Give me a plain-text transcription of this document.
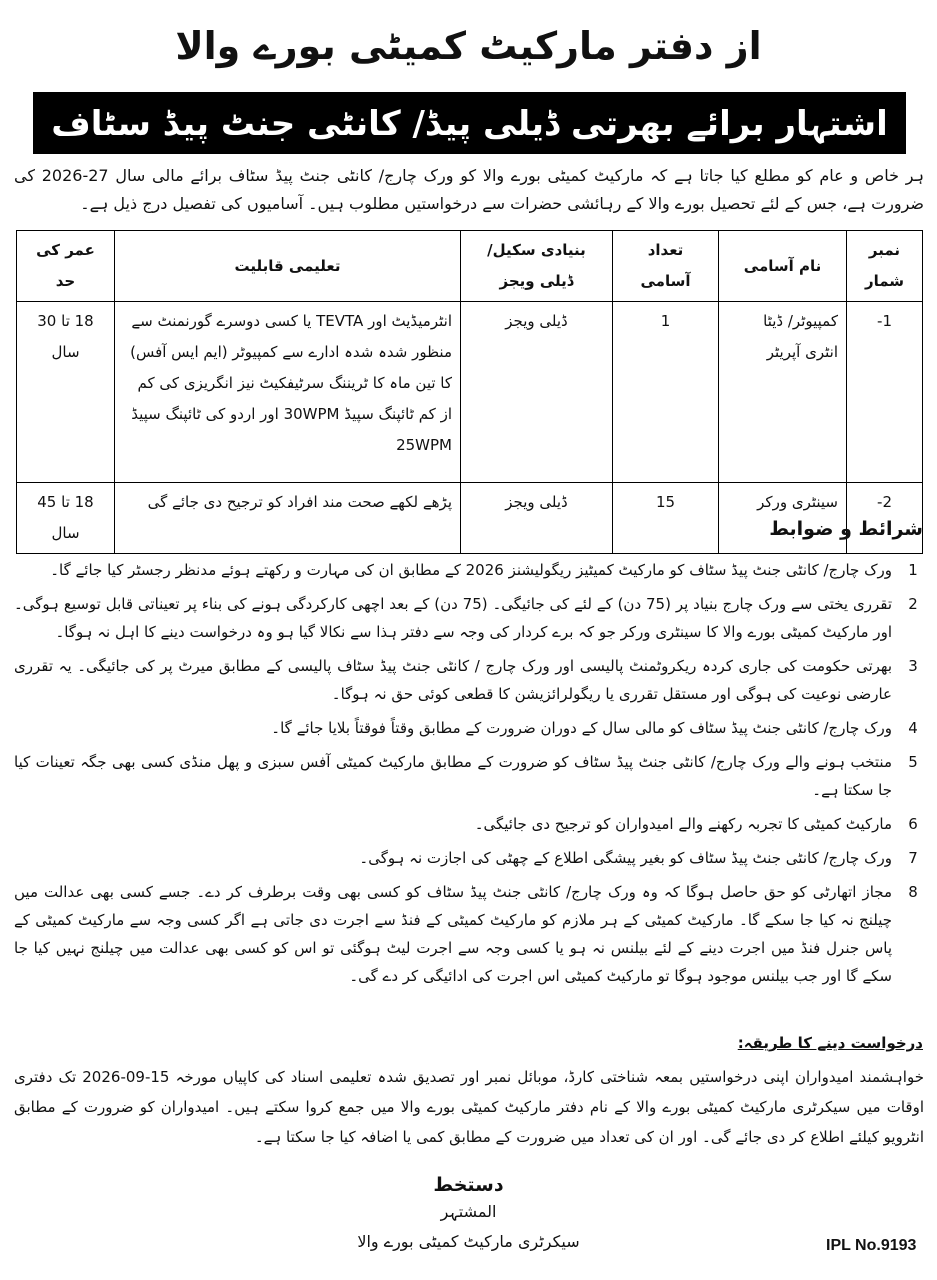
از دفتر مارکیٹ کمیٹی بورے والا
اشتہار برائے بھرتی ڈیلی پیڈ/ کانٹی جنٹ پیڈ سٹاف
ہر خاص و عام کو مطلع کیا جاتا ہے کہ مارکیٹ کمیٹی بورے والا کو ورک چارج/ کانٹی جنٹ پیڈ سٹاف برائے مالی سال 27-2026 کی ضرورت ہے، جس کے لئے تحصیل بورے والا کے رہائشی حضرات سے درخواستیں مطلوب ہیں۔ آسامیوں کی تفصیل درج ذیل ہے۔
نمبر شمار	نام آسامی	تعداد آسامی	بنیادی سکیل/ ڈیلی ویجز	تعلیمی قابلیت	عمر کی حد
1-	کمپیوٹر/ ڈیٹا انٹری آپریٹر	1	ڈیلی ویجز	انٹرمیڈیٹ اور TEVTA یا کسی دوسرے گورنمنٹ سے منظور شدہ شدہ ادارے سے کمپیوٹر (ایم ایس آفس) کا تین ماہ کا ٹریننگ سرٹیفکیٹ نیز انگریزی کی کم از کم ٹائپنگ سپیڈ 30WPM اور اردو کی ٹائپنگ سپیڈ 25WPM	18 تا 30 سال
2-	سینٹری ورکر	15	ڈیلی ویجز	پڑھے لکھے صحت مند افراد کو ترجیح دی جائے گی	18 تا 45 سال	شرائط و ضوابط
1
ورک چارج/ کانٹی جنٹ پیڈ سٹاف کو مارکیٹ کمیٹیز ریگولیشنز 2026 کے مطابق ان کی مہارت و رکھتے ہوئے مدنظر رجسٹر کیا جائے گا۔
2
تقرری یختی سے ورک چارج بنیاد پر (75 دن) کے لئے کی جائیگی۔ (75 دن) کے بعد اچھی کارکردگی ہونے کی بناء پر تعیناتی قابل توسیع ہوگی۔ اور مارکیٹ کمیٹی بورے والا کا سینٹری ورکر جو کہ برے کردار کی وجہ سے دفتر ہذا سے نکالا گیا ہو وہ درخواست دینے کا اہل نہ ہوگا۔
3
بھرتی حکومت کی جاری کردہ ریکروٹمنٹ پالیسی اور ورک چارج / کانٹی جنٹ پیڈ سٹاف پالیسی کے مطابق میرٹ پر کی جائیگی۔ یہ تقرری عارضی نوعیت کی ہوگی اور مستقل تقرری یا ریگولرائزیشن کا قطعی کوئی حق نہ ہوگا۔
4
ورک چارج/ کانٹی جنٹ پیڈ سٹاف کو مالی سال کے دوران ضرورت کے مطابق وقتاً فوقتاً بلایا جائے گا۔
5
منتخب ہونے والے ورک چارج/ کانٹی جنٹ پیڈ سٹاف کو ضرورت کے مطابق مارکیٹ کمیٹی آفس سبزی و پھل منڈی کسی بھی جگہ تعینات کیا جا سکتا ہے۔
6
مارکیٹ کمیٹی کا تجربہ رکھنے والے امیدواران کو ترجیح دی جائیگی۔
7
ورک چارج/ کانٹی جنٹ پیڈ سٹاف کو بغیر پیشگی اطلاع کے چھٹی کی اجازت نہ ہوگی۔
8
مجاز اتھارٹی کو حق حاصل ہوگا کہ وہ ورک چارج/ کانٹی جنٹ پیڈ سٹاف کو کسی بھی وقت برطرف کر دے۔ جسے کسی بھی عدالت میں چیلنج نہ کیا جا سکے گا۔ مارکیٹ کمیٹی کے ہر ملازم کو مارکیٹ کمیٹی کے فنڈ سے اجرت دی جاتی ہے اگر کسی وجہ سے مارکیٹ کمیٹی کے پاس جنرل فنڈ میں اجرت دینے کے لئے بیلنس نہ ہو یا کسی وجہ سے اجرت لیٹ ہوگئی تو اس کو کسی بھی عدالت میں چیلنج نہیں کیا جا سکے گا اور جب بیلنس موجود ہوگا تو مارکیٹ کمیٹی اس اجرت کی ادائیگی کر دے گی۔
درخواست دینے کا طریقہ:
خواہشمند امیدواران اپنی درخواستیں بمعہ شناختی کارڈ، موبائل نمبر اور تصدیق شدہ تعلیمی اسناد کی کاپیاں مورخہ 15-09-2026 تک دفتری اوقات میں سیکرٹری مارکیٹ کمیٹی بورے والا کے نام دفتر مارکیٹ کمیٹی بورے والا میں جمع کروا سکتے ہیں۔ امیدواران کو ضرورت کے مطابق انٹرویو کیلئے اطلاع کر دی جائے گی۔ اور ان کی تعداد میں ضرورت کے مطابق کمی یا اضافہ کیا جا سکتا ہے۔
دستخط
المشتہر
سیکرٹری مارکیٹ کمیٹی بورے والا	IPL No.9193
